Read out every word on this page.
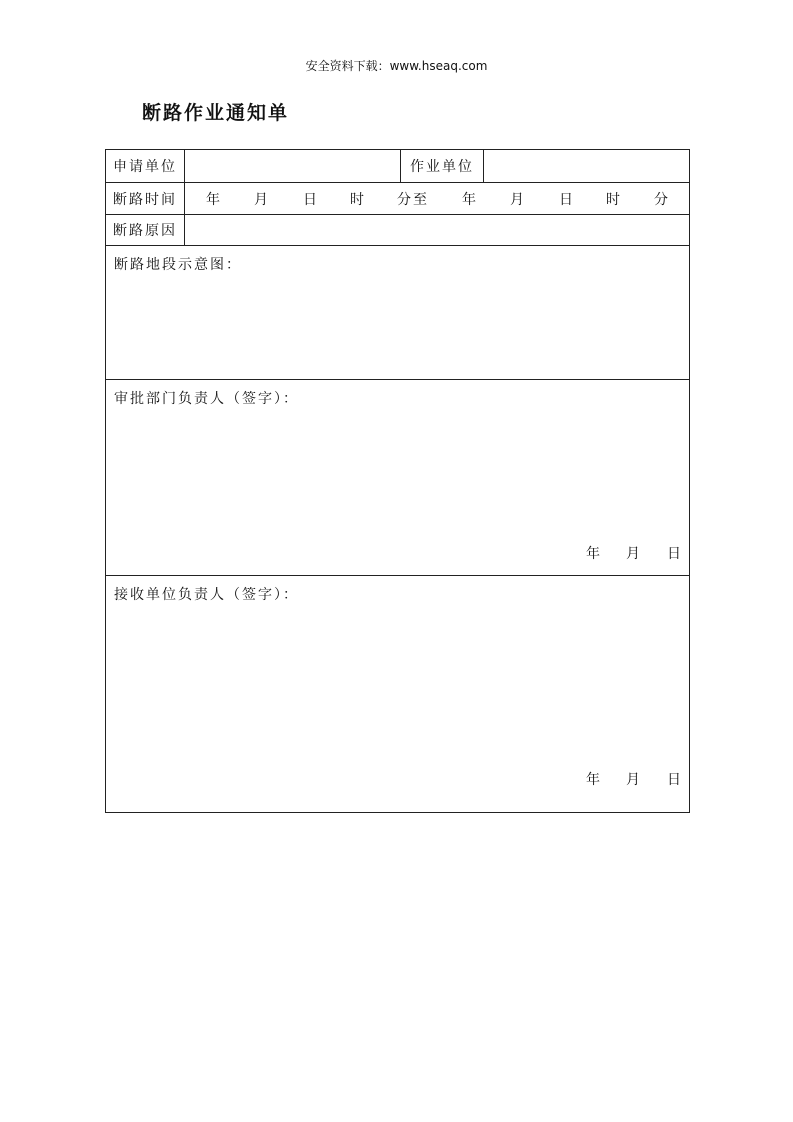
安全资料下载：www.hseaq.com
断路作业通知单
申请单位	作业单位
断路时间	年 月 日 时 分至 年 月 日 时 分
断路原因
断路地段示意图：
审批部门负责人（签字）：
年 月 日
接收单位负责人（签字）：
年 月 日
